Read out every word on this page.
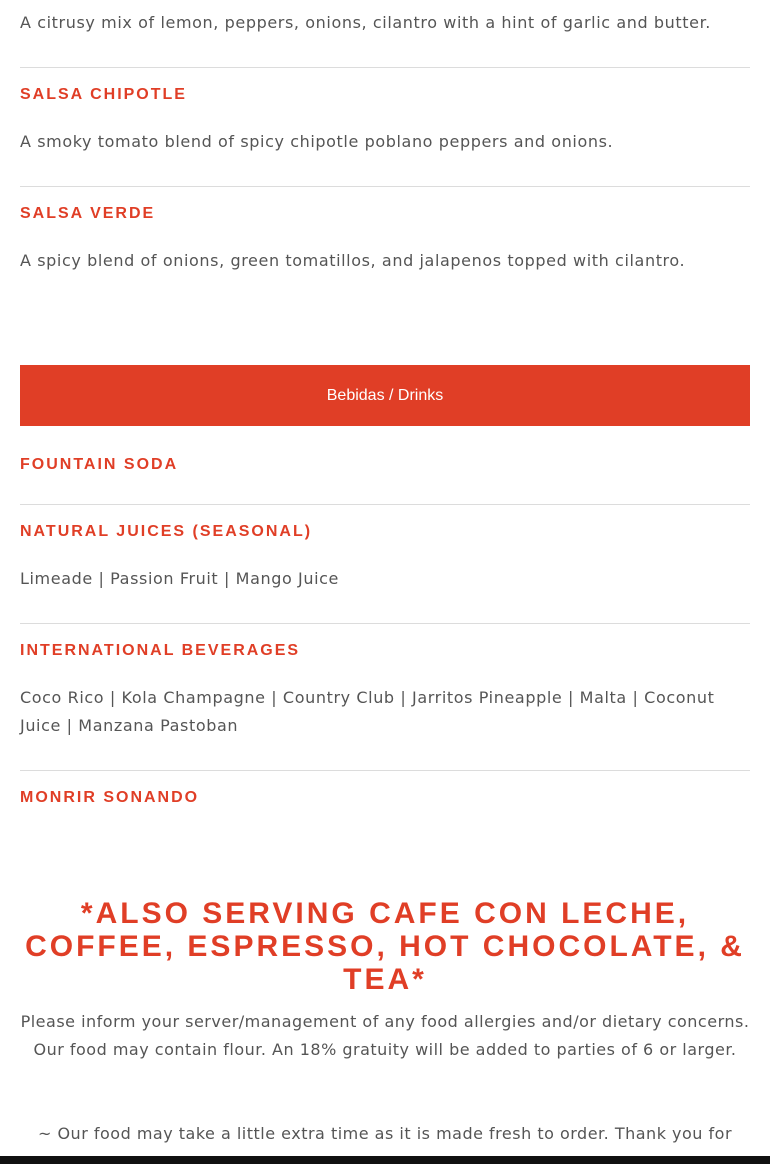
A citrusy mix of lemon, peppers, onions, cilantro with a hint of garlic and butter.

SALSA CHIPOTLE

A smoky tomato blend of spicy chipotle poblano peppers and onions.

SALSA VERDE

A spicy blend of onions, green tomatillos, and jalapenos topped with cilantro.

Bebidas / Drinks
FOUNTAIN SODA
NATURAL JUICES (SEASONAL)

Limeade | Passion Fruit | Mango Juice

INTERNATIONAL BEVERAGES

Coco Rico | Kola Champagne | Country Club | Jarritos Pineapple | Malta | Coconut Juice | Manzana Pastoban

MONRIR SONANDO
*ALSO SERVING CAFE CON LECHE, COFFEE, ESPRESSO, HOT CHOCOLATE, & TEA*

Please inform your server/management of any food allergies and/or dietary concerns. Our food may contain flour. An 18% gratuity will be added to parties of 6 or larger.

~ Our food may take a little extra time as it is made fresh to order. Thank you for
